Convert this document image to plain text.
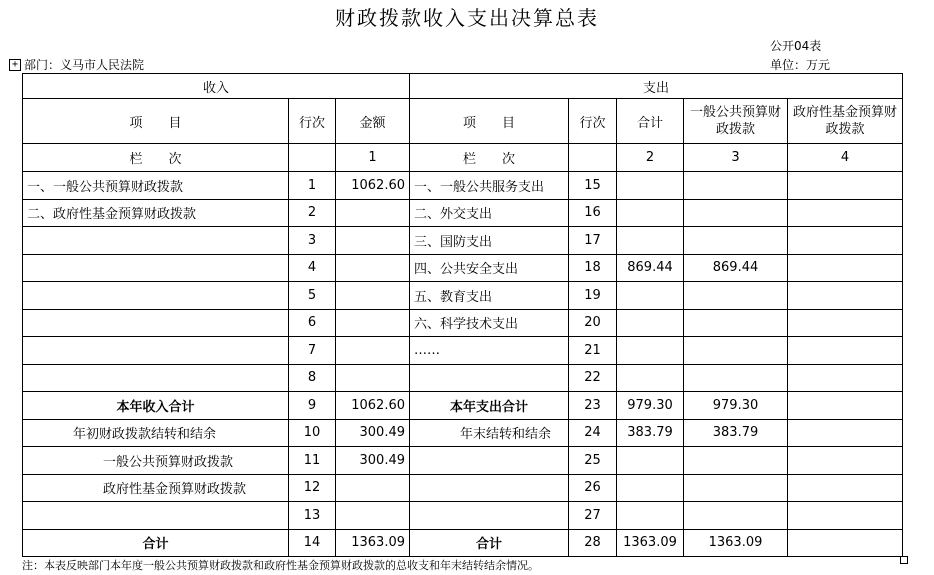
财政拨款收入支出决算总表
公开04表
+ 部门：义马市人民法院	单位：万元
收入			支出				
项　　目	行次	金额	项　　目	行次	合计	一般公共预算财政拨款	政府性基金预算财政拨款
栏　　次		1	栏　　次		2	3	4
一、一般公共预算财政拨款	1	1062.60	一、一般公共服务支出	15			
二、政府性基金预算财政拨款	2		二、外交支出	16			
	3		三、国防支出	17			
	4		四、公共安全支出	18	869.44	869.44	
	5		五、教育支出	19			
	6		六、科学技术支出	20			
	7		……	21			
	8			22			
本年收入合计	9	1062.60	本年支出合计	23	979.30	979.30	
年初财政拨款结转和结余	10	300.49	年末结转和结余	24	383.79	383.79	
一般公共预算财政拨款	11	300.49		25			
政府性基金预算财政拨款	12			26			
	13			27			
合计	14	1363.09	合计	28	1363.09	1363.09	
注：本表反映部门本年度一般公共预算财政拨款和政府性基金预算财政拨款的总收支和年末结转结余情况。
